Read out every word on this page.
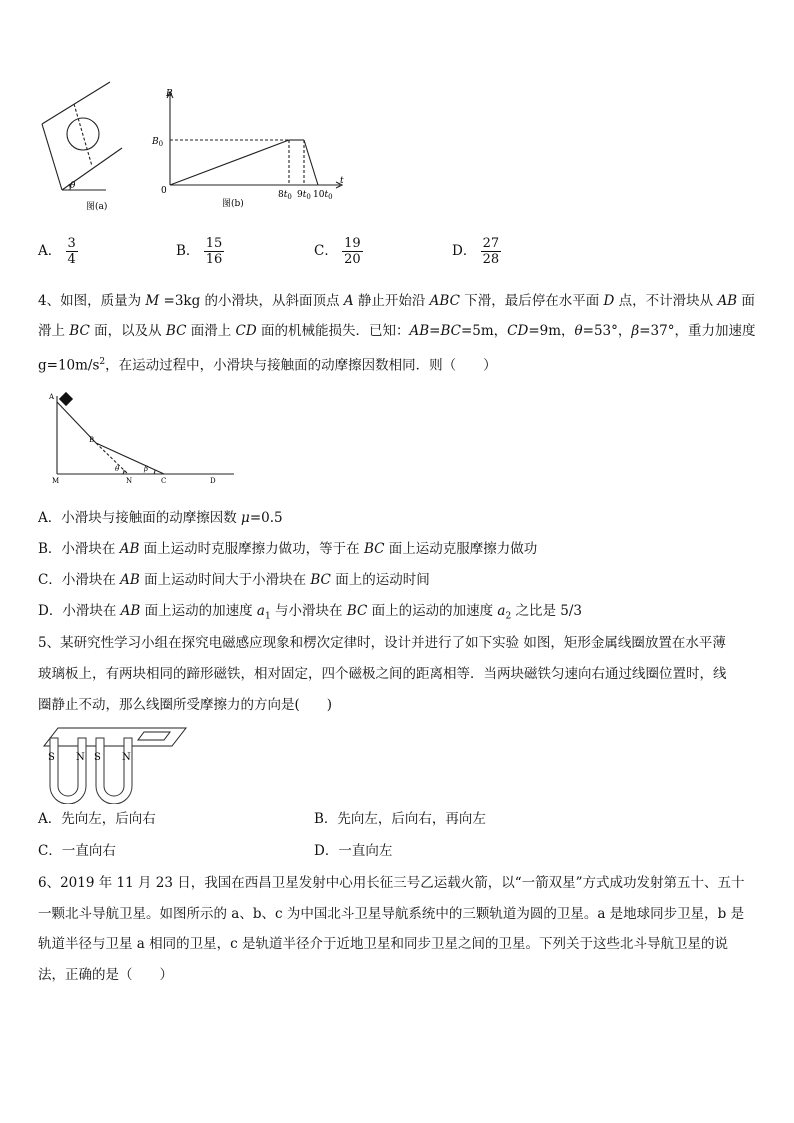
θ
图(a)
B
t
$B_0$
0	$8t_0$ $9t_0$ $10t_0$
图(b)
A． $\frac{3}{4}$	B． $\frac{15}{16}$	C． $\frac{19}{20}$	D． $\frac{27}{28}$
4、如图，质量为 M =3kg 的小滑块，从斜面顶点 A 静止开始沿 ABC 下滑，最后停在水平面 D 点，不计滑块从 AB 面
滑上 BC 面，以及从 BC 面滑上 CD 面的机械能损失．已知：AB=BC=5m，CD=9m，θ=53°，β=37°，重力加速度
$g=10m/s^2$，在运动过程中，小滑块与接触面的动摩擦因数相同．则（　　）
A
B
M	N	C	D
θ	β
A．小滑块与接触面的动摩擦因数 μ=0.5
B．小滑块在 AB 面上运动时克服摩擦力做功，等于在 BC 面上运动克服摩擦力做功
C．小滑块在 AB 面上运动时间大于小滑块在 BC 面上的运动时间
D．小滑块在 AB 面上运动的加速度 $a_1$ 与小滑块在 BC 面上的运动的加速度 $a_2$ 之比是 5/3
5、某研究性学习小组在探究电磁感应现象和楞次定律时，设计并进行了如下实验 如图，矩形金属线圈放置在水平薄
玻璃板上，有两块相同的蹄形磁铁，相对固定，四个磁极之间的距离相等．当两块磁铁匀速向右通过线圈位置时，线
圈静止不动，那么线圈所受摩擦力的方向是(　　)
S N S N
A．先向左，后向右	B．先向左，后向右，再向左
C．一直向右	D．一直向左
6、2019 年 11 月 23 日，我国在西昌卫星发射中心用长征三号乙运载火箭，以“一箭双星”方式成功发射第五十、五十
一颗北斗导航卫星。如图所示的 a、b、c 为中国北斗卫星导航系统中的三颗轨道为圆的卫星。a 是地球同步卫星，b 是
轨道半径与卫星 a 相同的卫星，c 是轨道半径介于近地卫星和同步卫星之间的卫星。下列关于这些北斗导航卫星的说
法，正确的是（　　）
